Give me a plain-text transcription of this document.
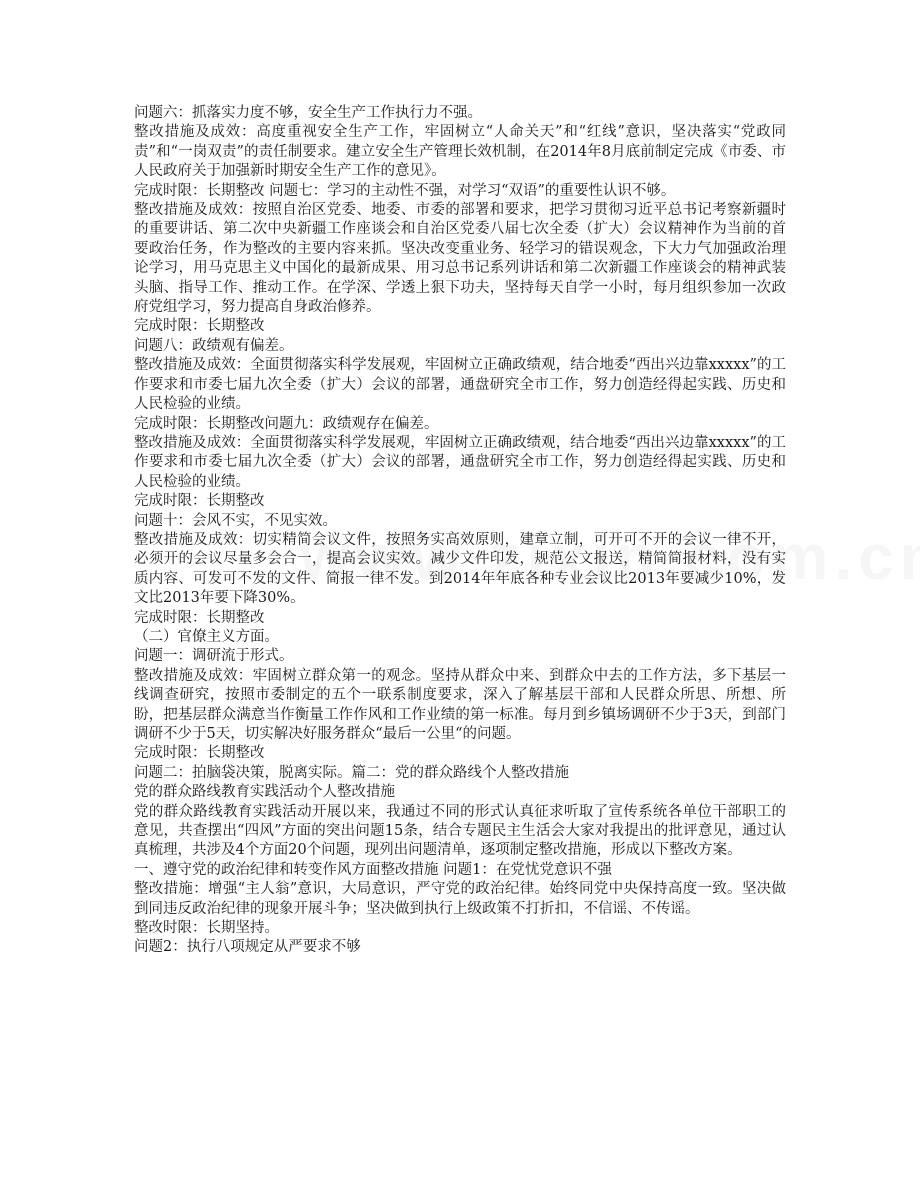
问题六：抓落实力度不够，安全生产工作执行力不强。

整改措施及成效：高度重视安全生产工作，牢固树立“人命关天”和“红线”意识，坚决落实“党政同责”和“一岗双责”的责任制要求。建立安全生产管理长效机制，在2014年8月底前制定完成《市委、市人民政府关于加强新时期安全生产工作的意见》。

完成时限：长期整改 问题七：学习的主动性不强，对学习“双语”的重要性认识不够。

整改措施及成效：按照自治区党委、地委、市委的部署和要求，把学习贯彻习近平总书记考察新疆时的重要讲话、第二次中央新疆工作座谈会和自治区党委八届七次全委（扩大）会议精神作为当前的首要政治任务，作为整改的主要内容来抓。坚决改变重业务、轻学习的错误观念，下大力气加强政治理论学习，用马克思主义中国化的最新成果、用习总书记系列讲话和第二次新疆工作座谈会的精神武装头脑、指导工作、推动工作。在学深、学透上狠下功夫，坚持每天自学一小时，每月组织参加一次政府党组学习，努力提高自身政治修养。

完成时限：长期整改

问题八：政绩观有偏差。

整改措施及成效：全面贯彻落实科学发展观，牢固树立正确政绩观，结合地委“西出兴边靠xxxxx”的工作要求和市委七届九次全委（扩大）会议的部署，通盘研究全市工作，努力创造经得起实践、历史和人民检验的业绩。

完成时限：长期整改问题九：政绩观存在偏差。

整改措施及成效：全面贯彻落实科学发展观，牢固树立正确政绩观，结合地委“西出兴边靠xxxxx”的工作要求和市委七届九次全委（扩大）会议的部署，通盘研究全市工作，努力创造经得起实践、历史和人民检验的业绩。

完成时限：长期整改

问题十：会风不实，不见实效。

整改措施及成效：切实精简会议文件，按照务实高效原则，建章立制，可开可不开的会议一律不开，必须开的会议尽量多会合一，提高会议实效。减少文件印发，规范公文报送，精简简报材料，没有实质内容、可发可不发的文件、简报一律不发。到2014年年底各种专业会议比2013年要减少10%，发文比2013年要下降30%。

完成时限：长期整改

（二）官僚主义方面。

问题一：调研流于形式。

整改措施及成效：牢固树立群众第一的观念。坚持从群众中来、到群众中去的工作方法，多下基层一线调查研究，按照市委制定的五个一联系制度要求，深入了解基层干部和人民群众所思、所想、所盼，把基层群众满意当作衡量工作作风和工作业绩的第一标准。每月到乡镇场调研不少于3天，到部门调研不少于5天，切实解决好服务群众“最后一公里“的问题。

完成时限：长期整改

问题二：拍脑袋决策，脱离实际。篇二：党的群众路线个人整改措施

党的群众路线教育实践活动个人整改措施

党的群众路线教育实践活动开展以来，我通过不同的形式认真征求听取了宣传系统各单位干部职工的意见，共查摆出“四风”方面的突出问题15条，结合专题民主生活会大家对我提出的批评意见，通过认真梳理，共涉及4个方面20个问题，现列出问题清单，逐项制定整改措施，形成以下整改方案。

一、遵守党的政治纪律和转变作风方面整改措施 问题1：在党忧党意识不强

整改措施：增强“主人翁”意识，大局意识，严守党的政治纪律。始终同党中央保持高度一致。坚决做到同违反政治纪律的现象开展斗争；坚决做到执行上级政策不打折扣，不信谣、不传谣。

整改时限：长期坚持。

问题2：执行八项规定从严要求不够
